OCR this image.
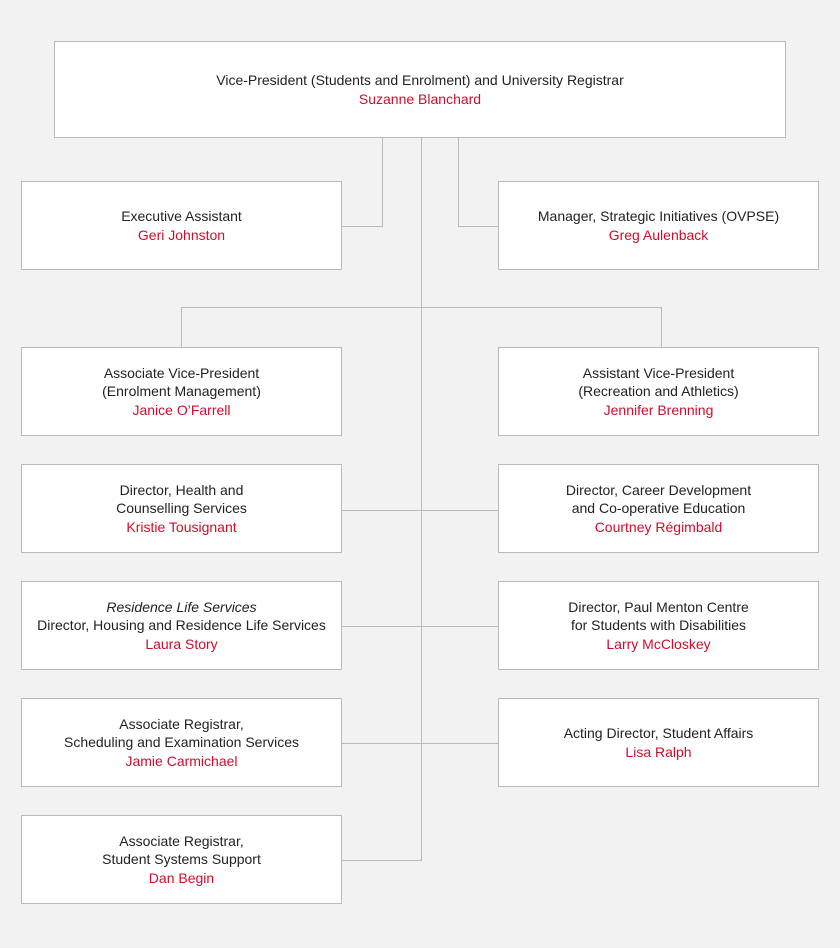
Vice-President (Students and Enrolment) and University Registrar
Suzanne Blanchard
Executive Assistant
Geri Johnston
Manager, Strategic Initiatives (OVPSE)
Greg Aulenback
Associate Vice-President
(Enrolment Management)
Janice O’Farrell
Assistant Vice-President
(Recreation and Athletics)
Jennifer Brenning
Director, Health and
Counselling Services
Kristie Tousignant
Director, Career Development
and Co-operative Education
Courtney Régimbald
Residence Life Services
Director, Housing and Residence Life Services
Laura Story
Director, Paul Menton Centre
for Students with Disabilities
Larry McCloskey
Associate Registrar,
Scheduling and Examination Services
Jamie Carmichael
Acting Director, Student Affairs
Lisa Ralph
Associate Registrar,
Student Systems Support
Dan Begin
